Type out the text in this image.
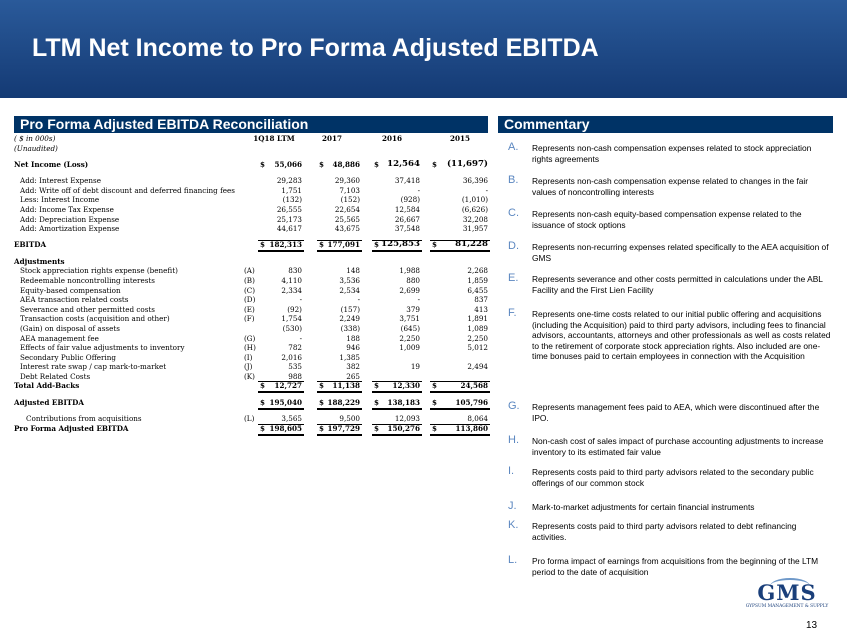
LTM Net Income to Pro Forma Adjusted EBITDA
Pro Forma Adjusted EBITDA Reconciliation	Commentary
( $ in 000s)	1Q18 LTM	2017	2016	2015
(Unaudited)
Net Income (Loss)	$	55,066 $	48,886 $ 12,564 $	(11,697)
Add: Interest Expense	29,283	29,360	37,418	36,396
Add: Write off of debt discount and deferred financing fees	1,751	7,103	-	-
Less: Interest Income	(132)	(152)	(928)	(1,010)
Add: Income Tax Expense	26,555	22,654	12,584	(6,626)
Add: Depreciation Expense	25,173	25,565	26,667	32,208
Add: Amortization Expense	44,617	43,675	37,548	31,957
EBITDA	$ 182,313 $ 177,091 $ 125,853 $	81,228
Adjustments
Stock appreciation rights expense (benefit)	(A)	830	148	1,988	2,268
Redeemable noncontrolling interests	(B)	4,110	3,536	880	1,859
Equity-based compensation	(C)	2,334	2,534	2,699	6,455
AEA transaction related costs	(D)	-	-	-	837
Severance and other permitted costs	(E)	(92)	(157)	379	413
Transaction costs (acquisition and other)	(F)	1,754	2,249	3,751	1,891
(Gain) on disposal of assets	(530)	(338)	(645)	1,089
AEA management fee	(G)	-	188	2,250	2,250
Effects of fair value adjustments to inventory	(H)	782	946	1,009	5,012
Secondary Public Offering	(I)	2,016	1,385
Interest rate swap / cap mark-to-market	(J)	535	382	19	2,494
Debt Related Costs	(K)	988	265
Total Add-Backs	$	12,727 $	11,138 $	12,330 $	24,568
Adjusted EBITDA	$ 195,040 $ 188,229 $	138,183 $	105,796
Contributions from acquisitions	(L)	3,565	9,500	12,093	8,064
Pro Forma Adjusted EBITDA	$ 198,605 $ 197,729 $	150,276 $	113,860
A. Represents non-cash compensation expenses related to stock appreciation rights agreements
B. Represents non-cash compensation expense related to changes in the fair values of noncontrolling interests
C. Represents non-cash equity-based compensation expense related to the issuance of stock options
D. Represents non-recurring expenses related specifically to the AEA acquisition of GMS
E. Represents severance and other costs permitted in calculations under the ABL Facility and the First Lien Facility
F. Represents one-time costs related to our initial public offering and acquisitions (including the Acquisition) paid to third party advisors, including fees to financial advisors, accountants, attorneys and other professionals as well as costs related to the retirement of corporate stock appreciation rights. Also included are one-time bonuses paid to certain employees in connection with the Acquisition
G. Represents management fees paid to AEA, which were discontinued after the IPO.
H. Non-cash cost of sales impact of purchase accounting adjustments to increase inventory to its estimated fair value
I. Represents costs paid to third party advisors related to the secondary public offerings of our common stock
J. Mark-to-market adjustments for certain financial instruments
K. Represents costs paid to third party advisors related to debt refinancing activities.
L. Pro forma impact of earnings from acquisitions from the beginning of the LTM period to the date of acquisition
GMS
GYPSUM MANAGEMENT & SUPPLY
13
